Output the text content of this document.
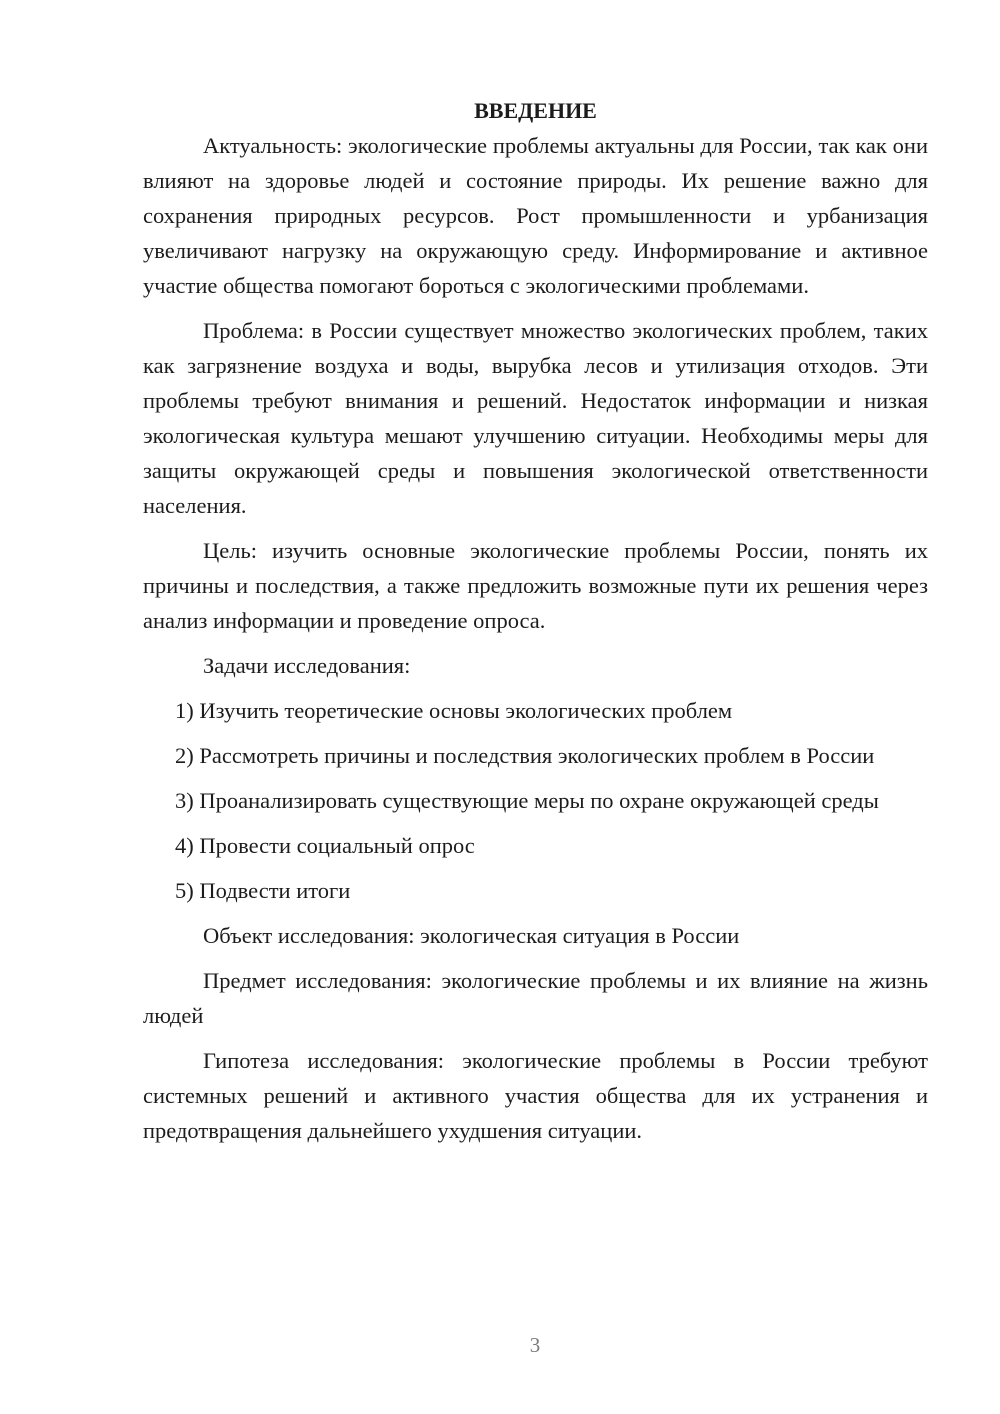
ВВЕДЕНИЕ

Актуальность: экологические проблемы актуальны для России, так как они влияют на здоровье людей и состояние природы. Их решение важно для сохранения природных ресурсов. Рост промышленности и урбанизация увеличивают нагрузку на окружающую среду. Информирование и активное участие общества помогают бороться с экологическими проблемами.

Проблема: в России существует множество экологических проблем, таких как загрязнение воздуха и воды, вырубка лесов и утилизация отходов. Эти проблемы требуют внимания и решений. Недостаток информации и низкая экологическая культура мешают улучшению ситуации. Необходимы меры для защиты окружающей среды и повышения экологической ответственности населения.

Цель: изучить основные экологические проблемы России, понять их причины и последствия, а также предложить возможные пути их решения через анализ информации и проведение опроса.

Задачи исследования:

1) Изучить теоретические основы экологических проблем

2) Рассмотреть причины и последствия экологических проблем в России

3) Проанализировать существующие меры по охране окружающей среды

4) Провести социальный опрос

5) Подвести итоги

Объект исследования: экологическая ситуация в России

Предмет исследования: экологические проблемы и их влияние на жизнь людей

Гипотеза исследования: экологические проблемы в России требуют системных решений и активного участия общества для их устранения и предотвращения дальнейшего ухудшения ситуации.

3
